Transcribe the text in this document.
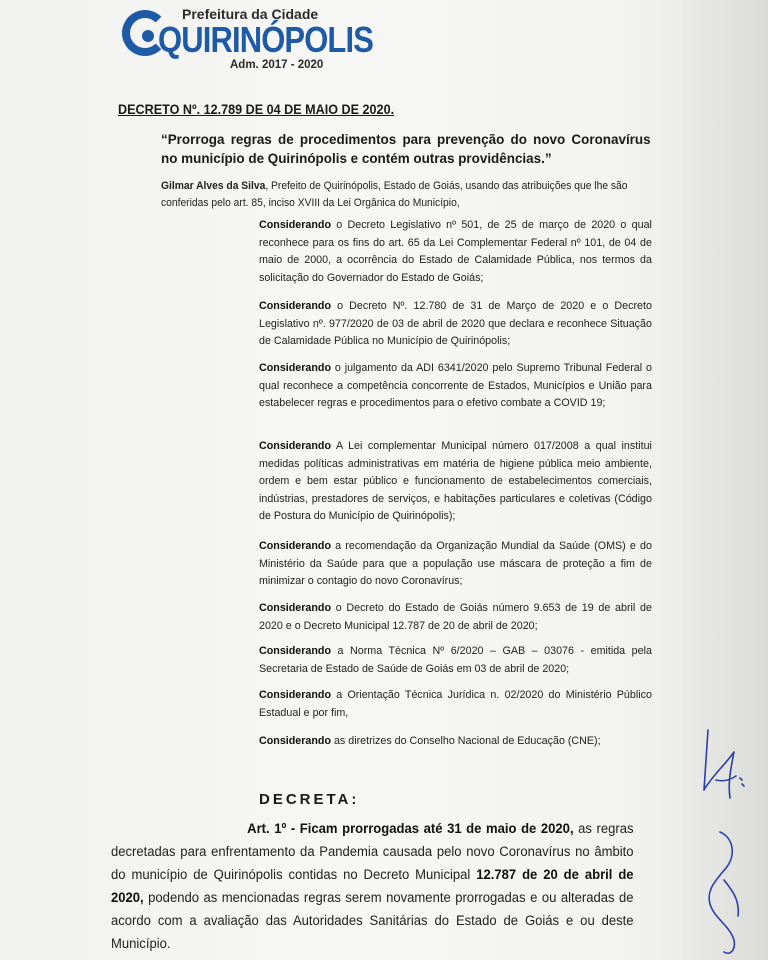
Prefeitura da Cidade
QUIRINÓPOLIS
Adm. 2017 - 2020
DECRETO Nº. 12.789 DE 04 DE MAIO DE 2020.
“Prorroga regras de procedimentos para prevenção do novo Coronavírus no município de Quirinópolis e contém outras providências.”
Gilmar Alves da Silva, Prefeito de Quirinópolis, Estado de Goiás, usando das atribuições que lhe são conferidas pelo art. 85, inciso XVIII da Lei Orgânica do Município,
Considerando o Decreto Legislativo nº 501, de 25 de março de 2020 o qual reconhece para os fins do art. 65 da Lei Complementar Federal nº 101, de 04 de maio de 2000, a ocorrência do Estado de Calamidade Pública, nos termos da solicitação do Governador do Estado de Goiás;
Considerando o Decreto Nº. 12.780 de 31 de Março de 2020 e o Decreto Legislativo nº. 977/2020 de 03 de abril de 2020 que declara e reconhece Situação de Calamidade Pública no Município de Quirinópolis;
Considerando o julgamento da ADI 6341/2020 pelo Supremo Tribunal Federal o qual reconhece a competência concorrente de Estados, Municípios e União para estabelecer regras e procedimentos para o efetivo combate a COVID 19;
Considerando A Lei complementar Municipal número 017/2008 a qual institui medidas políticas administrativas em matéria de higiene pública meio ambiente, ordem e bem estar público e funcionamento de estabelecimentos comerciais, indústrias, prestadores de serviços, e habitações particulares e coletivas (Código de Postura do Município de Quirinópolis);
Considerando a recomendação da Organização Mundial da Saúde (OMS) e do Ministério da Saúde para que a população use máscara de proteção a fim de minimizar o contagio do novo Coronavírus;
Considerando o Decreto do Estado de Goiás número 9.653 de 19 de abril de 2020 e o Decreto Municipal 12.787 de 20 de abril de 2020;
Considerando a Norma Técnica Nº 6/2020 – GAB – 03076 - emitida pela Secretaria de Estado de Saúde de Goiás em 03 de abril de 2020;
Considerando a Orientação Técnica Jurídica n. 02/2020 do Ministério Público Estadual e por fim,
Considerando as diretrizes do Conselho Nacional de Educação (CNE);
DECRETA:
Art. 1º - Ficam prorrogadas até 31 de maio de 2020, as regras decretadas para enfrentamento da Pandemia causada pelo novo Coronavírus no âmbito do município de Quirinópolis contidas no Decreto Municipal 12.787 de 20 de abril de 2020, podendo as mencionadas regras serem novamente prorrogadas e ou alteradas de acordo com a avaliação das Autoridades Sanitárias do Estado de Goiás e ou deste Município.
